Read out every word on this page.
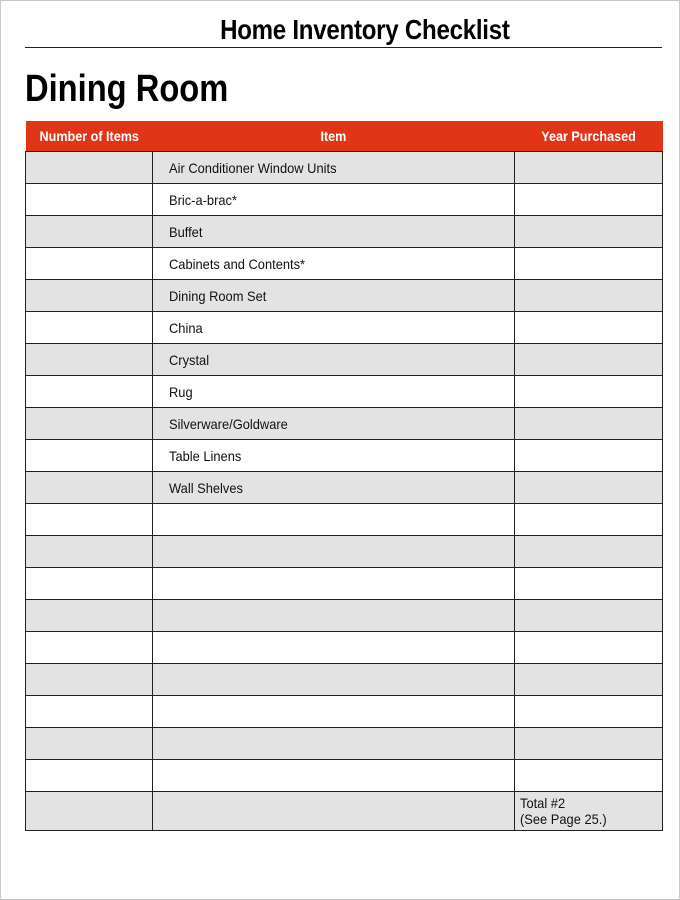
Home Inventory Checklist
Dining Room
Number of Items	Item	Year Purchased
	Air Conditioner Window Units	
	Bric-a-brac*	
	Buffet	
	Cabinets and Contents*	
	Dining Room Set	
	China	
	Crystal	
	Rug	
	Silverware/Goldware	
	Table Linens	
	Wall Shelves	

		Total #2
(See Page 25.)
